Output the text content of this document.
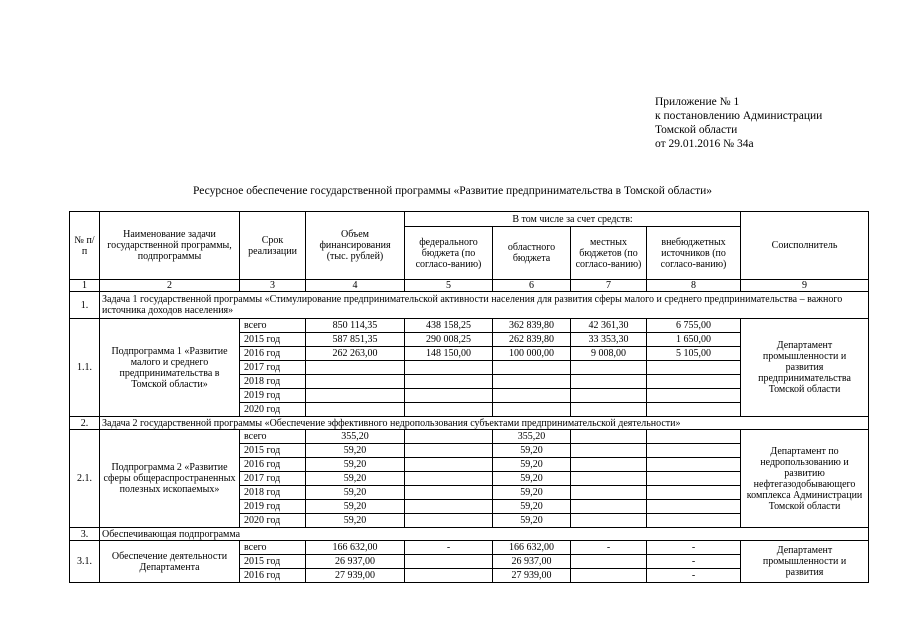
Приложение № 1
к постановлению Администрации
Томской области
от 29.01.2016 № 34а
Ресурсное обеспечение государственной программы «Развитие предпринимательства в Томской области»
№ п/п	Наименование задачи государственной программы, подпрограммы	Срок реализации	Объем финансирования (тыс. рублей)	В том числе за счет средств:				Соисполнитель
				федерального бюджета (по согласо-ванию)	областного бюджета	местных бюджетов (по согласо-ванию)	внебюджетных источников (по согласо-ванию)	
1	2	3	4	5	6	7	8	9
1.	Задача 1 государственной программы «Стимулирование предпринимательской активности населения для развития сферы малого и среднего предпринимательства – важного источника доходов населения»							
1.1.	Подпрограмма 1 «Развитие малого и среднего предпринимательства в Томской области»	всего	850 114,35	438 158,25	362 839,80	42 361,30	6 755,00	Департамент промышленности и развития предпринимательства Томской области
		2015 год	587 851,35	290 008,25	262 839,80	33 353,30	1 650,00	
		2016 год	262 263,00	148 150,00	100 000,00	9 008,00	5 105,00	
		2017 год						
		2018 год						
		2019 год						
		2020 год						
2.	Задача 2 государственной программы «Обеспечение эффективного недропользования субъектами предпринимательской деятельности»							
2.1.	Подпрограмма 2 «Развитие сферы общераспространенных полезных ископаемых»	всего	355,20		355,20			Департамент по недропользованию и развитию нефтегазодобывающего комплекса Администрации Томской области
		2015 год	59,20		59,20			
		2016 год	59,20		59,20			
		2017 год	59,20		59,20			
		2018 год	59,20		59,20			
		2019 год	59,20		59,20			
		2020 год	59,20		59,20			
3.	Обеспечивающая подпрограмма							
3.1.	Обеспечение деятельности Департамента	всего	166 632,00	-	166 632,00	-	-	Департамент промышленности и развития
		2015 год	26 937,00		26 937,00		-	
		2016 год	27 939,00		27 939,00		-	
